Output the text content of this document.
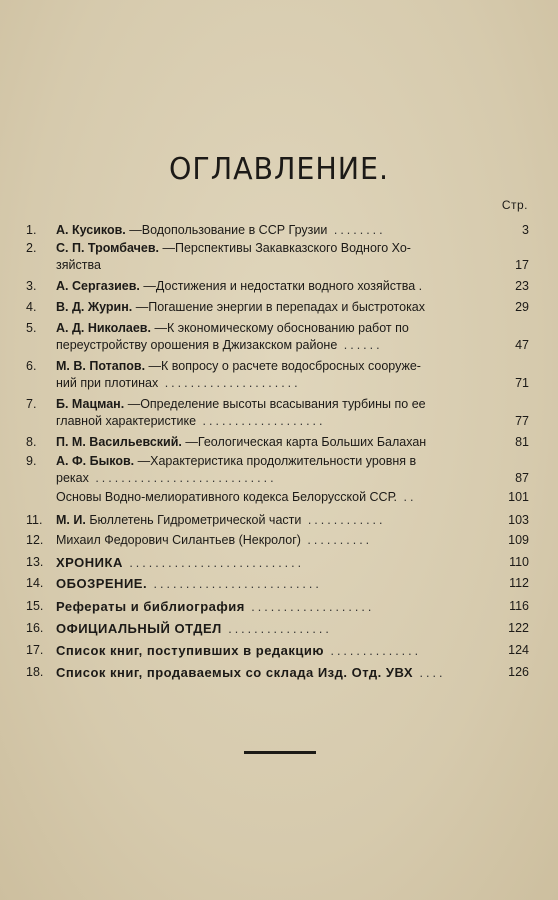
ОГЛАВЛЕНИЕ.
Стр.
1.	А. Кусиков. —Водопользование в ССР Грузии ........	3
2.	С. П. Тромбачев. —Перспективы Закавказского Водного Хо-
зяйства	17
3.	А. Сергазиев. —Достижения и недостатки водного хозяйства .	23
4.	В. Д. Журин. —Погашение энергии в перепадах и быстротоках	29
5.	А. Д. Николаев. —К экономическому обоснованию работ по
переустройству орошения в Джизакском районе ......	47
6.	М. В. Потапов. —К вопросу о расчете водосбросных сооруже-
ний при плотинах .....................	71
7.	Б. Мацман. —Определение высоты всасывания турбины по ее
главной характеристике ...................	77
8.	П. М. Васильевский. —Геологическая карта Больших Балахан	81
9.	А. Ф. Быков. —Характеристика продолжительности уровня в
реках ............................	87
Основы Водно-мелиоративного кодекса Белорусской ССР. ..	101
11. М. И. Бюллетень Гидрометрической части ............	103
12. Михаил Федорович Силантьев (Некролог) ..........	109
13. ХРОНИКА ...........................	110
14. ОБОЗРЕНИЕ. ..........................	112
15. Рефераты и библиография ...................	116
16. ОФИЦИАЛЬНЫЙ ОТДЕЛ ................	122
17. Список книг, поступивших в редакцию ..............	124
18. Список книг, продаваемых со склада Изд. Отд. УВХ ....	126
